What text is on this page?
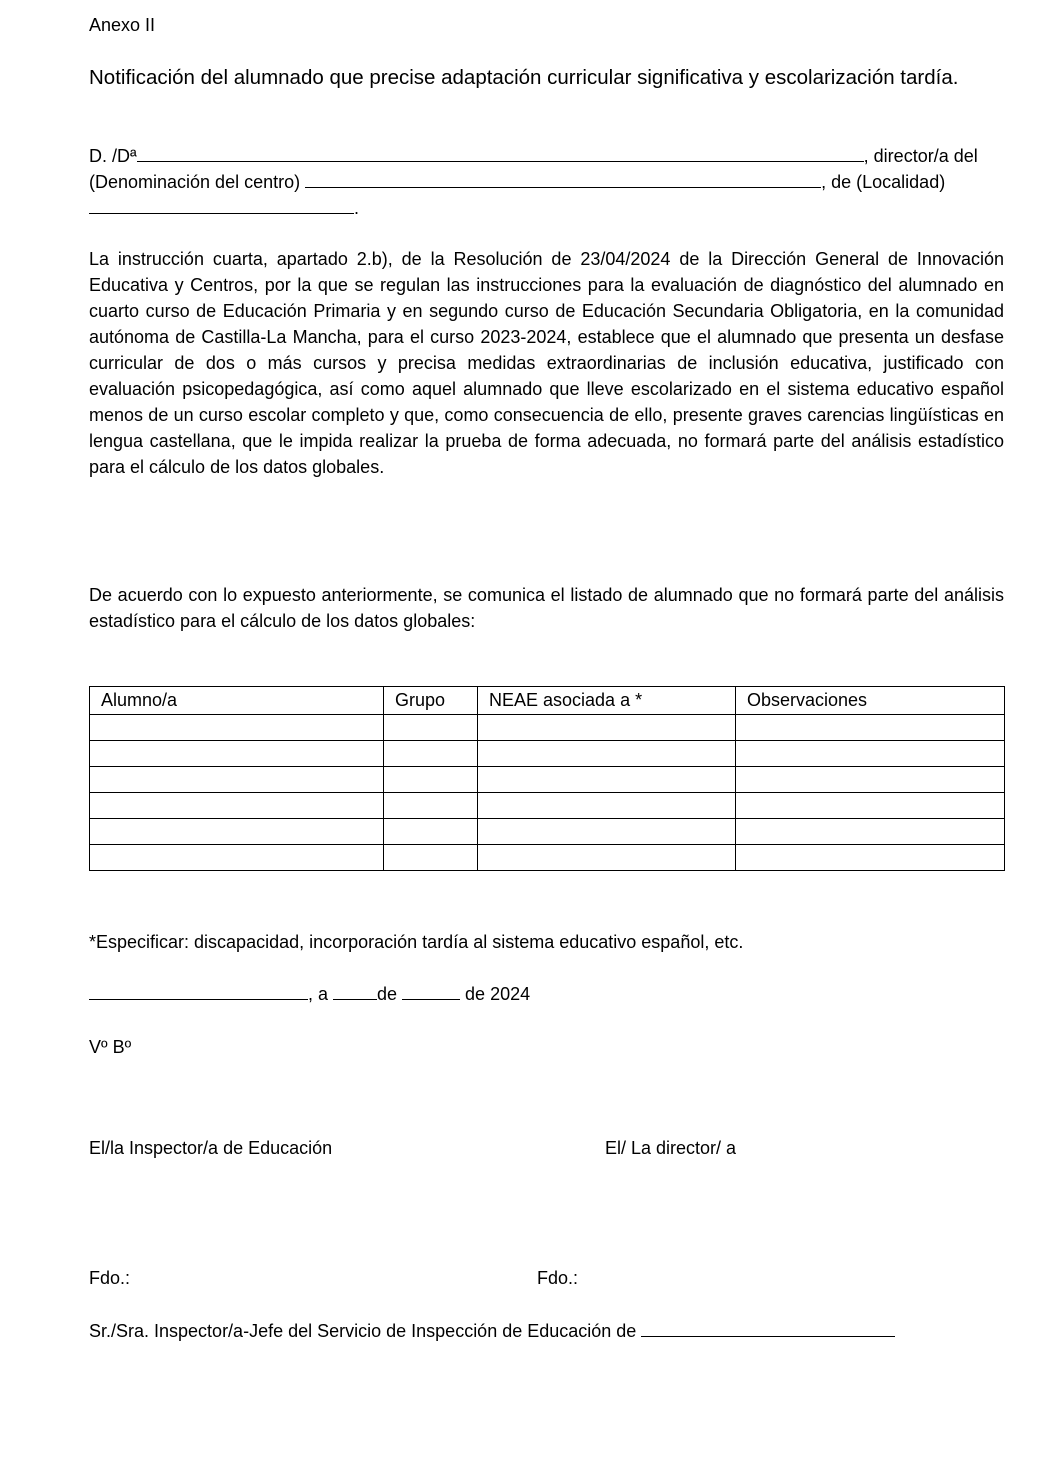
Anexo II
Notificación del alumnado que precise adaptación curricular significativa y escolarización tardía.
D. /Dª	, director/a del
(Denominación del centro)	, de (Localidad)
.
La instrucción cuarta, apartado 2.b), de la Resolución de 23/04/2024 de la Dirección General de Innovación Educativa y Centros, por la que se regulan las instrucciones para la evaluación de diagnóstico del alumnado en cuarto curso de Educación Primaria y en segundo curso de Educación Secundaria Obligatoria, en la comunidad autónoma de Castilla-La Mancha, para el curso 2023-2024, establece que el alumnado que presenta un desfase curricular de dos o más cursos y precisa medidas extraordinarias de inclusión educativa, justificado con evaluación psicopedagógica, así como aquel alumnado que lleve escolarizado en el sistema educativo español menos de un curso escolar completo y que, como consecuencia de ello, presente graves carencias lingüísticas en lengua castellana, que le impida realizar la prueba de forma adecuada, no formará parte del análisis estadístico para el cálculo de los datos globales.
De acuerdo con lo expuesto anteriormente, se comunica el listado de alumnado que no formará parte del análisis estadístico para el cálculo de los datos globales:
Alumno/a	Grupo	NEAE asociada a *	Observaciones

*Especificar: discapacidad, incorporación tardía al sistema educativo español, etc.
, a de	de 2024
Vº Bº
El/la Inspector/a de Educación	El/ La director/ a
Fdo.:	Fdo.:
Sr./Sra. Inspector/a-Jefe del Servicio de Inspección de Educación de
